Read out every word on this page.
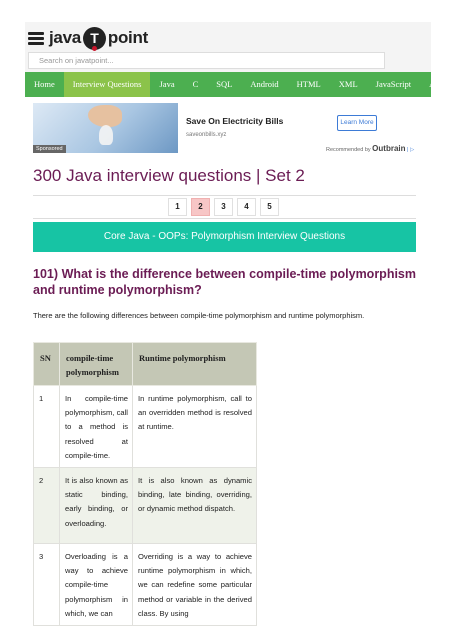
java T point
Search on javatpoint...
Home	Interview Questions	Java	C	SQL	Android	HTML	XML	JavaScript	Ajax
Sponsored
Save On Electricity Bills
saveonbills.xyz
Learn More
Recommended by Outbrain | ▷
300 Java interview questions | Set 2
1	2	3	4	5
Core Java - OOPs: Polymorphism Interview Questions
101) What is the difference between compile-time polymorphism and runtime polymorphism?

There are the following differences between compile-time polymorphism and runtime polymorphism.

SN	compile-time polymorphism	Runtime polymorphism
1	In compile-time polymorphism, call to a method is resolved at compile-time.	In runtime polymorphism, call to an overridden method is resolved at runtime.
2	It is also known as static binding, early binding, or overloading.	It is also known as dynamic binding, late binding, overriding, or dynamic method dispatch.
3	Overloading is a way to achieve compile-time polymorphism in which, we can	Overriding is a way to achieve runtime polymorphism in which, we can redefine some particular method or variable in the derived class. By using
